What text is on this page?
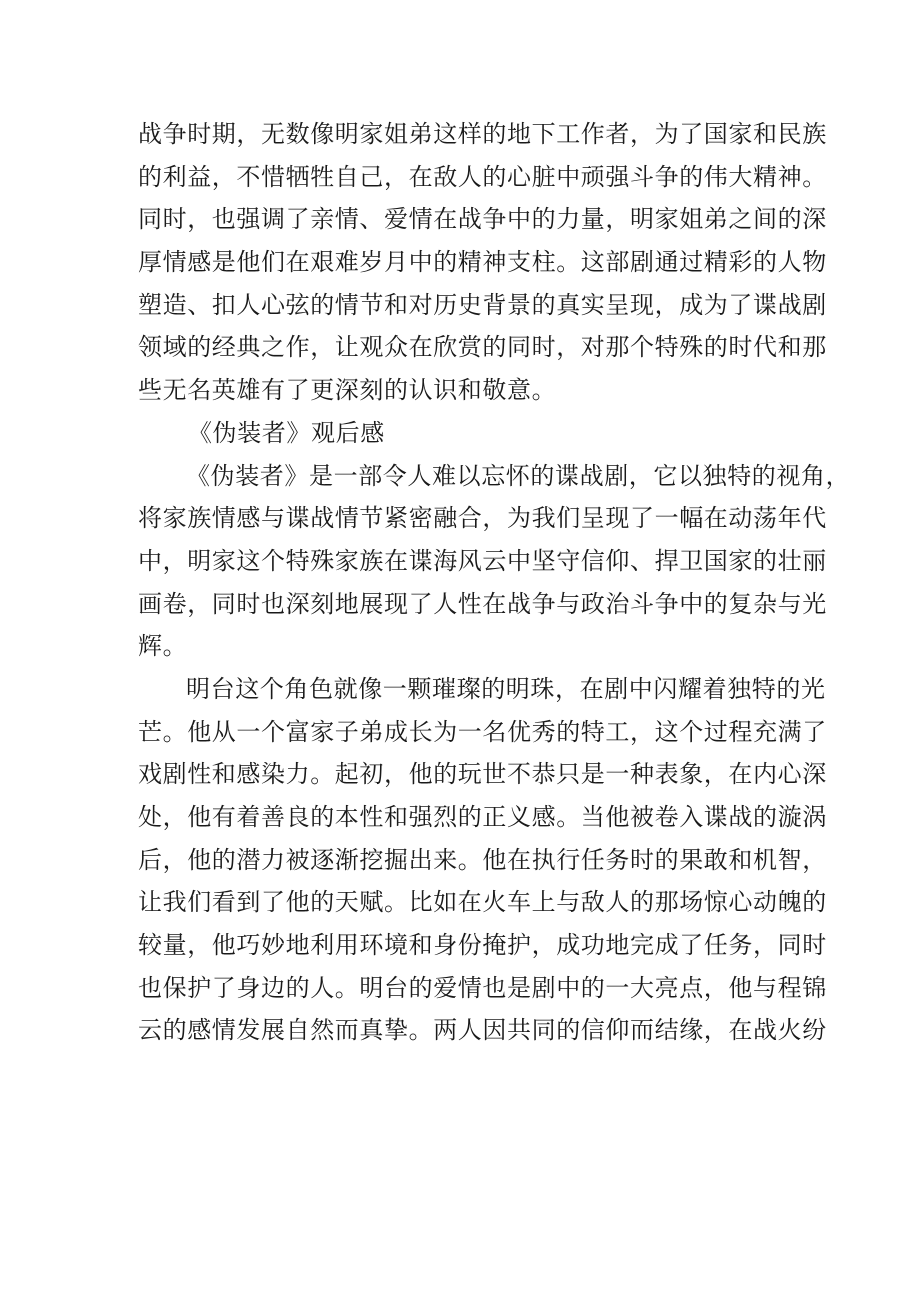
战争时期，无数像明家姐弟这样的地下工作者，为了国家和民族
的利益，不惜牺牲自己，在敌人的心脏中顽强斗争的伟大精神。
同时，也强调了亲情、爱情在战争中的力量，明家姐弟之间的深
厚情感是他们在艰难岁月中的精神支柱。这部剧通过精彩的人物
塑造、扣人心弦的情节和对历史背景的真实呈现，成为了谍战剧
领域的经典之作，让观众在欣赏的同时，对那个特殊的时代和那
些无名英雄有了更深刻的认识和敬意。
《伪装者》观后感
《伪装者》是一部令人难以忘怀的谍战剧，它以独特的视角，
将家族情感与谍战情节紧密融合，为我们呈现了一幅在动荡年代
中，明家这个特殊家族在谍海风云中坚守信仰、捍卫国家的壮丽
画卷，同时也深刻地展现了人性在战争与政治斗争中的复杂与光
辉。
明台这个角色就像一颗璀璨的明珠，在剧中闪耀着独特的光
芒。他从一个富家子弟成长为一名优秀的特工，这个过程充满了
戏剧性和感染力。起初，他的玩世不恭只是一种表象，在内心深
处，他有着善良的本性和强烈的正义感。当他被卷入谍战的漩涡
后，他的潜力被逐渐挖掘出来。他在执行任务时的果敢和机智，
让我们看到了他的天赋。比如在火车上与敌人的那场惊心动魄的
较量，他巧妙地利用环境和身份掩护，成功地完成了任务，同时
也保护了身边的人。明台的爱情也是剧中的一大亮点，他与程锦
云的感情发展自然而真挚。两人因共同的信仰而结缘，在战火纷
